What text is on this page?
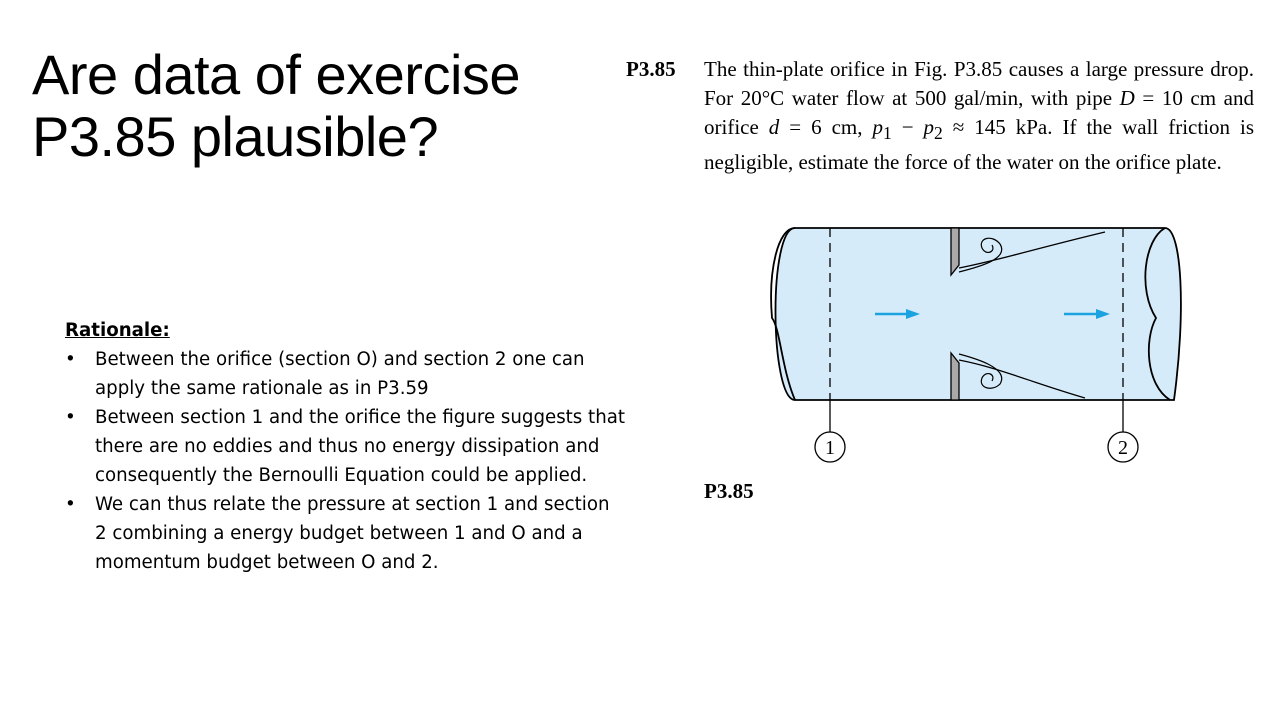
Are data of exercise P3.85 plausible?

Rationale:

• Between the orifice (section O) and section 2 one can apply the same rationale as in P3.59
• Between section 1 and the orifice the figure suggests that there are no eddies and thus no energy dissipation and consequently the Bernoulli Equation could be applied.
• We can thus relate the pressure at section 1 and section 2 combining a energy budget between 1 and O and a momentum budget between O and 2.
P3.85 The thin-plate orifice in Fig. P3.85 causes a large pressure drop. For 20°C water flow at 500 gal/min, with pipe D = 10 cm and orifice d = 6 cm, $p_1 - p_2 \approx 145$ kPa. If the wall friction is negligible, estimate the force of the water on the orifice plate.
1	2
P3.85
